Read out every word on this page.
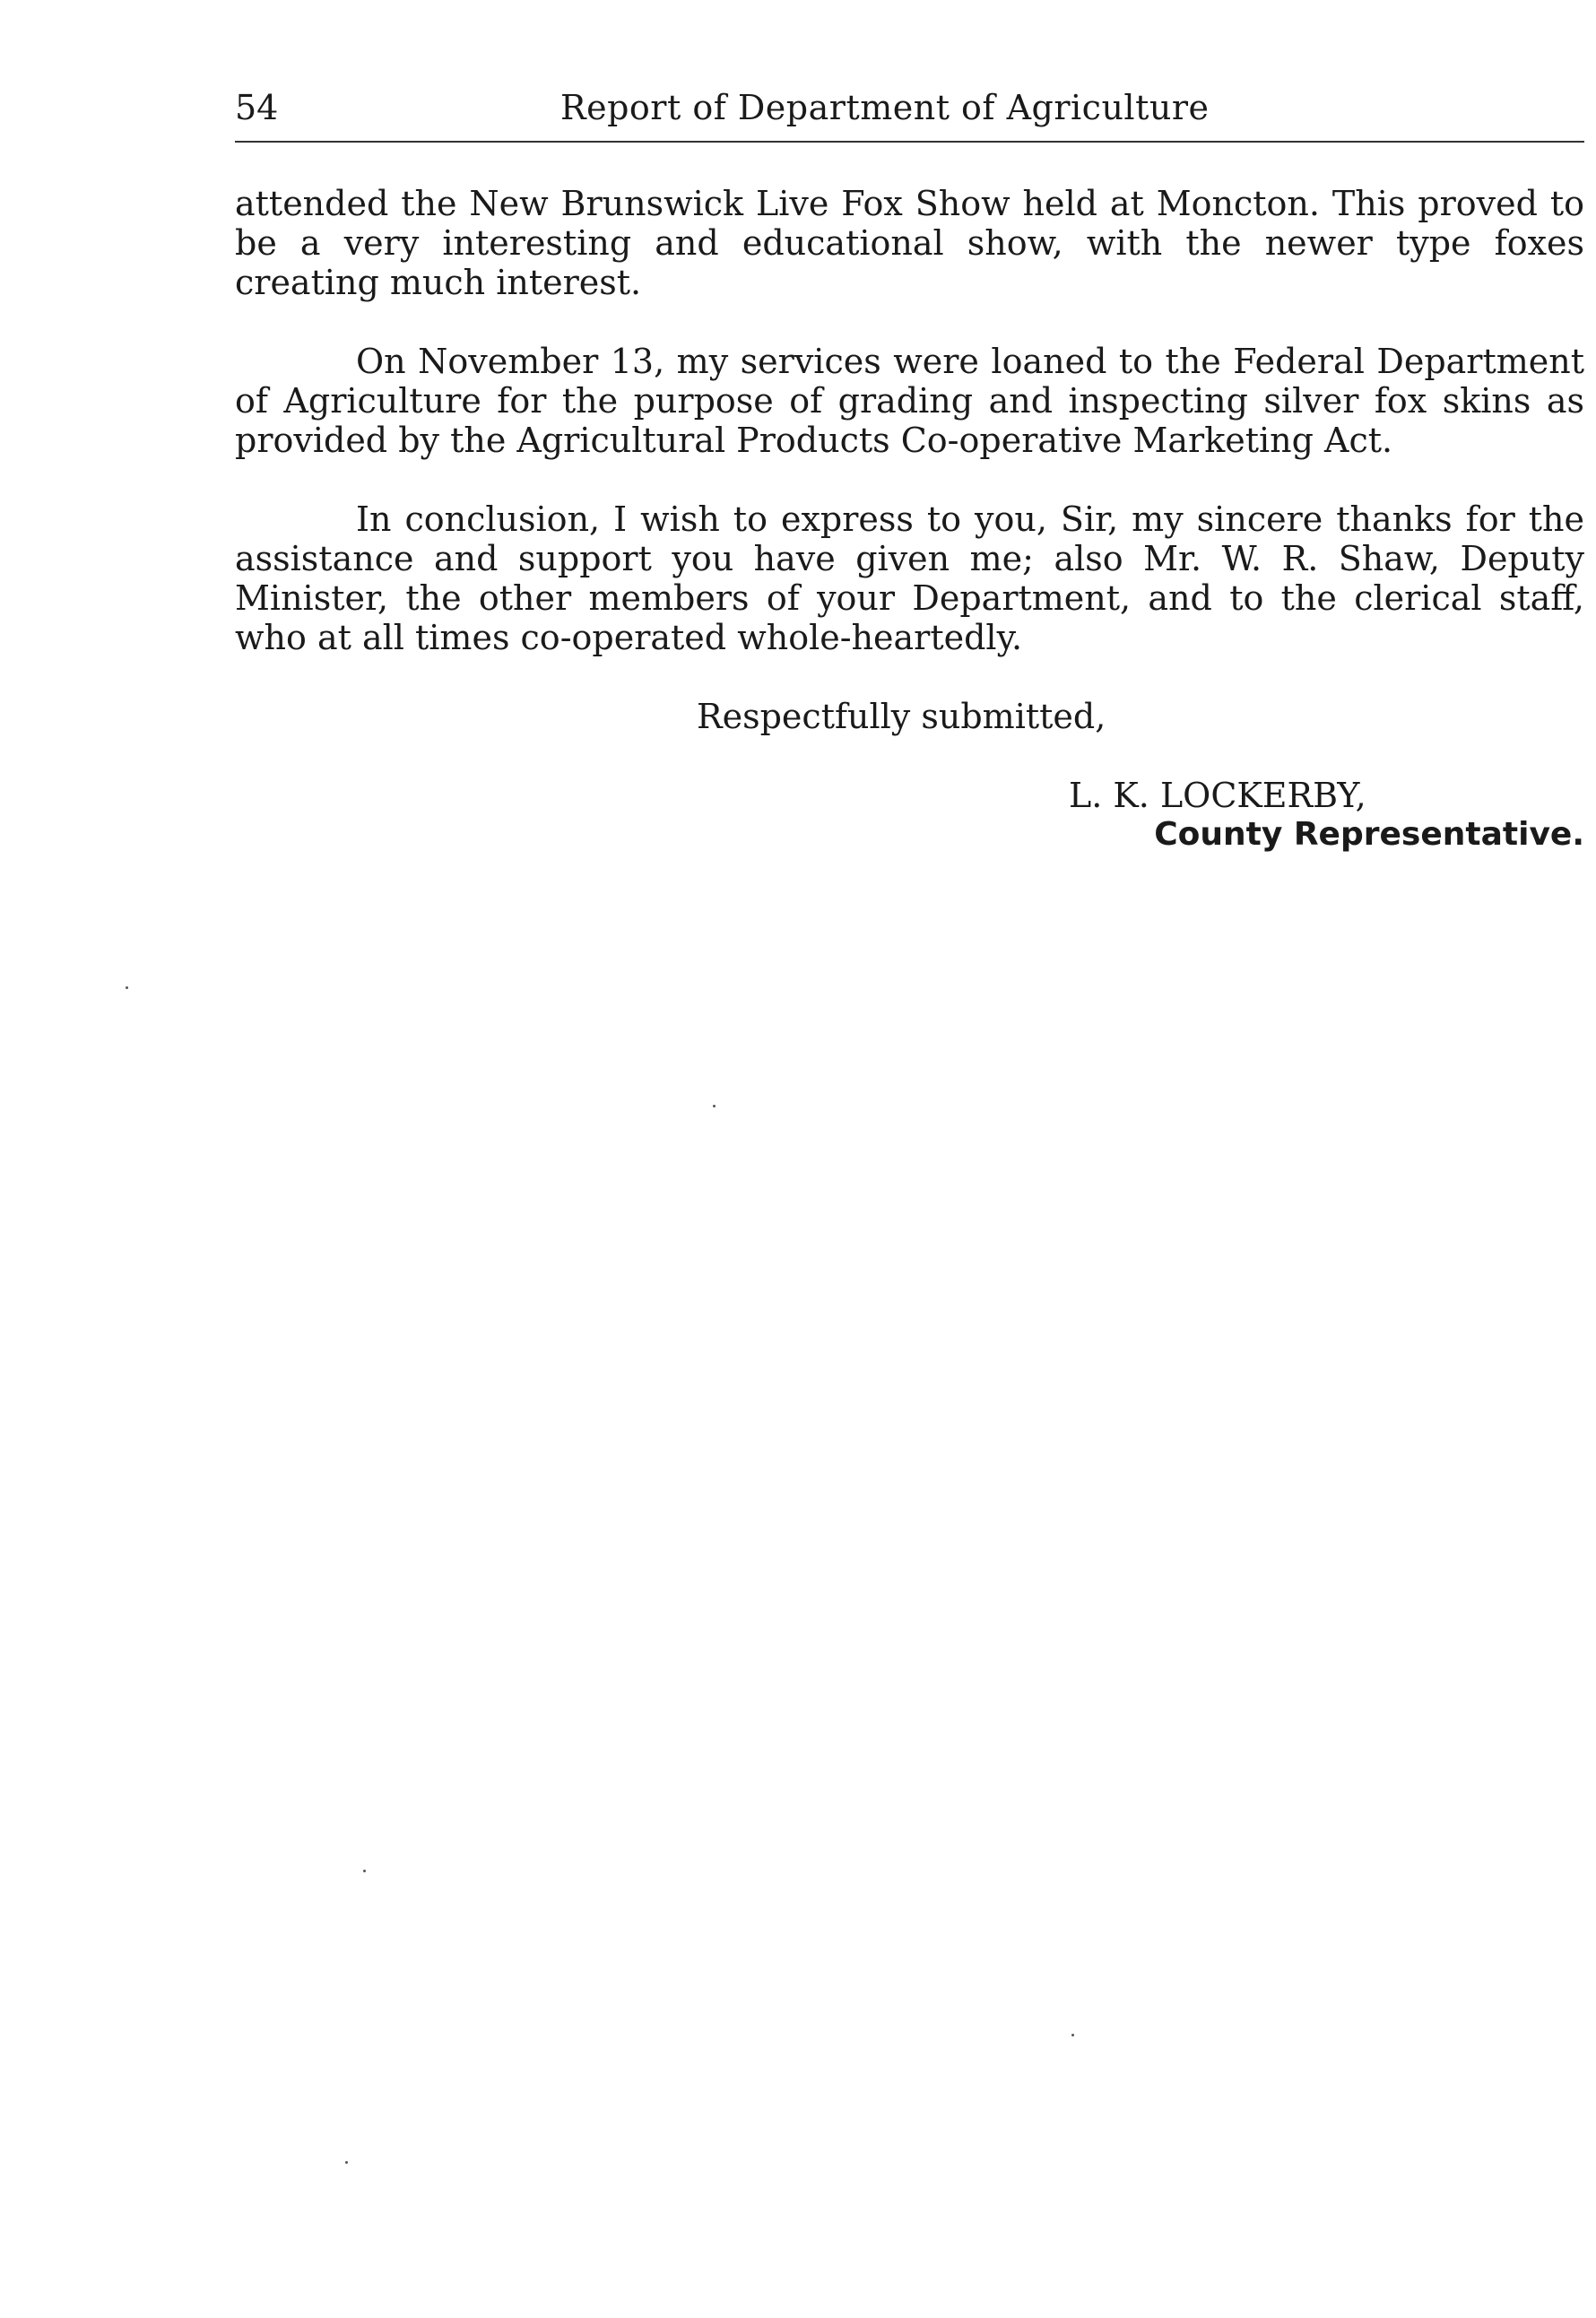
54	Report of Department of Agriculture

attended the New Brunswick Live Fox Show held at Moncton. This proved to be a very interesting and educational show, with the newer type foxes creating much interest.

On November 13, my services were loaned to the Federal Department of Agriculture for the purpose of grading and inspecting silver fox skins as provided by the Agricultural Products Co-operative Marketing Act.

In conclusion, I wish to express to you, Sir, my sincere thanks for the assistance and support you have given me; also Mr. W. R. Shaw, Deputy Minister, the other members of your Department, and to the clerical staff, who at all times co-operated whole-heartedly.

Respectfully submitted,

L. K. LOCKERBY,

County Representative.
